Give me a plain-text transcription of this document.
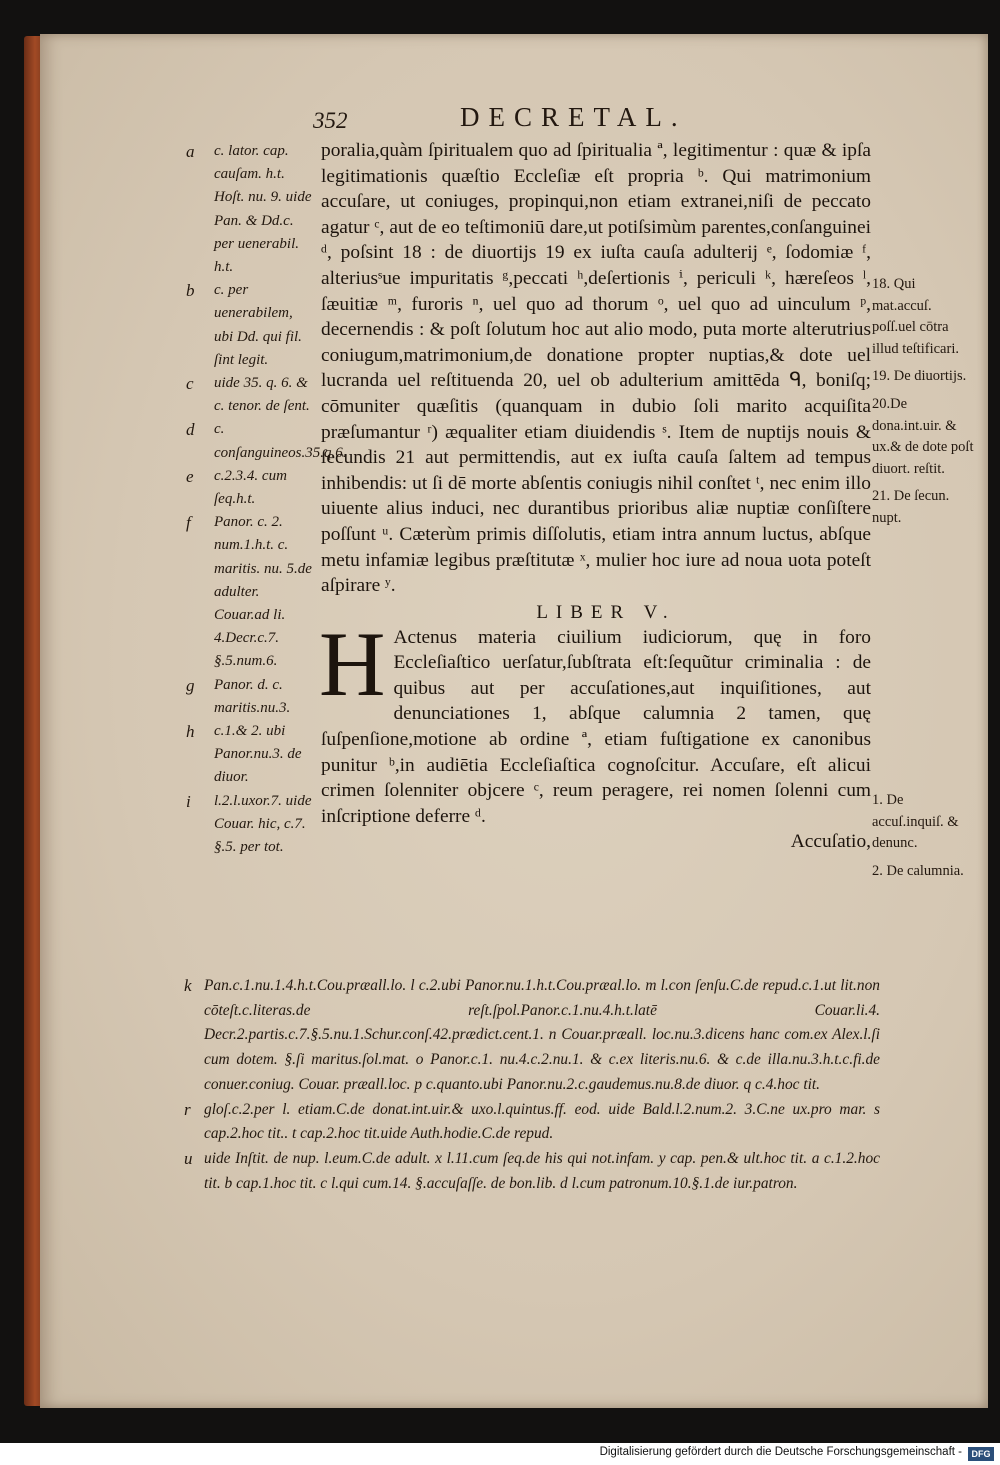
352	DECRETAL.
a	c. lator. cap. cauſam. h.t. Hoſt. nu. 9. uide Pan. & Dd.c. per uenerabil. h.t.
b	c. per uenerabilem, ubi Dd. qui fil. ſint legit.
c	uide 35. q. 6. & c. tenor. de ſent.
d	c. conſanguineos.35.q.6.
e	c.2.3.4. cum ſeq.h.t.
f	Panor. c. 2. num.1.h.t. c. maritis. nu. 5.de adulter. Couar.ad li. 4.Decr.c.7. §.5.num.6.
g	Panor. d. c. maritis.nu.3.
h	c.1.& 2. ubi Panor.nu.3. de diuor.
i	l.2.l.uxor.7. uide Couar. hic, c.7. §.5. per tot.

poralia,quàm ſpiritualem quo ad ſpiritualia ª, legitimentur : quæ & ipſa legitimationis quæſtio Eccleſiæ eſt propria ᵇ. Qui matrimonium accuſare, ut coniuges, propinqui,non etiam extranei,niſi de peccato agatur ᶜ, aut de eo teſtimoniū dare,ut potiſsimùm parentes,conſanguinei ᵈ, poſsint 18 : de diuortijs 19 ex iuſta cauſa adulterij ᵉ, ſodomiæ ᶠ, alteriusˢue impuritatis ᵍ,peccati ʰ,deſertionis ⁱ, periculi ᵏ, hæreſeos ˡ, ſæuitiæ ᵐ, furoris ⁿ, uel quo ad thorum ᵒ, uel quo ad uinculum ᵖ, decernendis : & poſt ſolutum hoc aut alio modo, puta morte alterutrius coniugum,matrimonium,de donatione propter nuptias,& dote uel lucranda uel reſtituenda 20, uel ob adulterium amittēda ᑫ, boniſq; cōmuniter quæſitis (quanquam in dubio ſoli marito acquiſita præſumantur ʳ) æqualiter etiam diuidendis ˢ. Item de nuptijs nouis & ſecundis 21 aut permittendis, aut ex iuſta cauſa ſaltem ad tempus inhibendis: ut ſi dē morte abſentis coniugis nihil conſtet ᵗ, nec enim illo uiuente alius induci, nec durantibus prioribus aliæ nuptiæ conſiſtere poſſunt ᵘ. Cæterùm primis diſſolutis, etiam intra annum luctus, abſque metu infamiæ legibus præſtitutæ ˣ, mulier hoc iure ad noua uota poteſt aſpirare ʸ.

LIBER V.

H Actenus materia ciuilium iudiciorum, quę in foro Eccleſiaſtico uerſatur,ſubſtrata eſt:ſequũtur criminalia : de quibus aut per accuſationes,aut inquiſitiones, aut denunciationes 1, abſque calumnia 2 tamen, quę ſuſpenſione,motione ab ordine ª, etiam fuſtigatione ex canonibus punitur ᵇ,in audiētia Eccleſiaſtica cognoſcitur. Accuſare, eſt alicui crimen ſolenniter objcere ᶜ, reum peragere, rei nomen ſolenni cum inſcriptione deferre ᵈ.

Accuſatio,

18. Qui mat.accuſ. poſſ.uel cōtra illud teſtificari.
19. De diuortijs.
20.De dona.int.uir. & ux.& de dote poſt diuort. reſtit.
21. De ſecun. nupt.
1. De accuſ.inquiſ. & denunc.
2. De calumnia.
k Pan.c.1.nu.1.4.h.t.Cou.præall.lo. l c.2.ubi Panor.nu.1.h.t.Cou.præal.lo. m l.con ſenſu.C.de repud.c.1.ut lit.non cōteſt.c.literas.de reſt.ſpol.Panor.c.1.nu.4.h.t.latē Couar.li.4. Decr.2.partis.c.7.§.5.nu.1.Schur.conſ.42.prædict.cent.1. n Couar.præall. loc.nu.3.dicens hanc com.ex Alex.l.ſi cum dotem. §.ſi maritus.ſol.mat. o Panor.c.1. nu.4.c.2.nu.1. & c.ex literis.nu.6. & c.de illa.nu.3.h.t.c.fi.de conuer.coniug. Couar. præall.loc. p c.quanto.ubi Panor.nu.2.c.gaudemus.nu.8.de diuor. q c.4.hoc tit.
r gloſ.c.2.per l. etiam.C.de donat.int.uir.& uxo.l.quintus.ff. eod. uide Bald.l.2.num.2. 3.C.ne ux.pro mar. s cap.2.hoc tit.. t cap.2.hoc tit.uide Auth.hodie.C.de repud.
u uide Inſtit. de nup. l.eum.C.de adult. x l.11.cum ſeq.de his qui not.infam. y cap. pen.& ult.hoc tit. a c.1.2.hoc tit. b cap.1.hoc tit. c l.qui cum.14. §.accuſaſſe. de bon.lib. d l.cum patronum.10.§.1.de iur.patron.
Digitalisierung gefördert durch die Deutsche Forschungsgemeinschaft -	DFG
